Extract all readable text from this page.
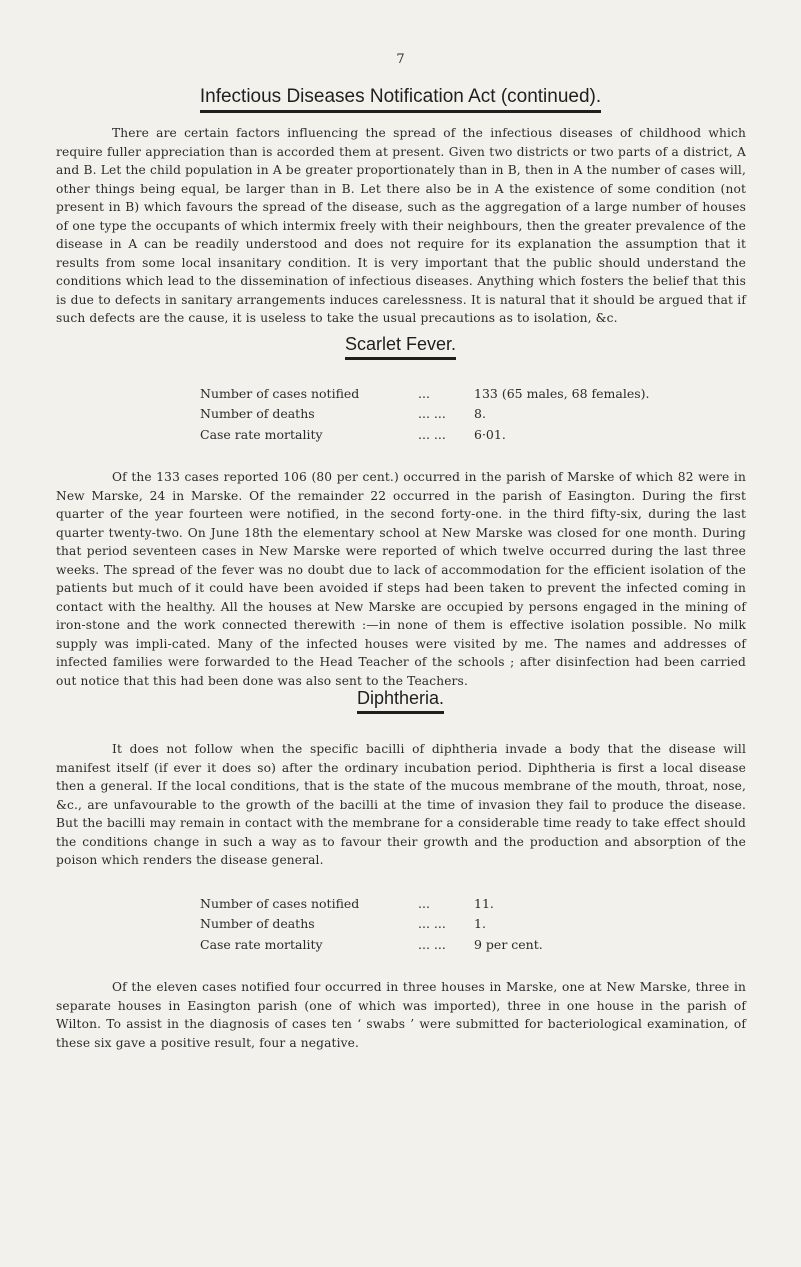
7
Infectious Diseases Notification Act (continued).

There are certain factors influencing the spread of the infectious diseases of childhood which require fuller appreciation than is accorded them at present. Given two districts or two parts of a district, A and B. Let the child population in A be greater proportionately than in B, then in A the number of cases will, other things being equal, be larger than in B. Let there also be in A the existence of some condition (not present in B) which favours the spread of the disease, such as the aggregation of a large number of houses of one type the occupants of which intermix freely with their neighbours, then the greater prevalence of the disease in A can be readily understood and does not require for its explanation the assumption that it results from some local insanitary condition. It is very important that the public should understand the conditions which lead to the dissemination of infectious diseases. Anything which fosters the belief that this is due to defects in sanitary arrangements induces carelessness. It is natural that it should be argued that if such defects are the cause, it is useless to take the usual precautions as to isolation, &c.

Scarlet Fever.
Number of cases notified	...	133 (65 males, 68 females).
Number of deaths	... ...	8.
Case rate mortality	... ...	6·01.

Of the 133 cases reported 106 (80 per cent.) occurred in the parish of Marske of which 82 were in New Marske, 24 in Marske. Of the remainder 22 occurred in the parish of Easington. During the first quarter of the year fourteen were notified, in the second forty-one. in the third fifty-six, during the last quarter twenty-two. On June 18th the elementary school at New Marske was closed for one month. During that period seventeen cases in New Marske were reported of which twelve occurred during the last three weeks. The spread of the fever was no doubt due to lack of accommodation for the efficient isolation of the patients but much of it could have been avoided if steps had been taken to prevent the infected coming in contact with the healthy. All the houses at New Marske are occupied by persons engaged in the mining of iron-stone and the work connected therewith :—in none of them is effective isolation possible. No milk supply was impli-cated. Many of the infected houses were visited by me. The names and addresses of infected families were forwarded to the Head Teacher of the schools ; after disinfection had been carried out notice that this had been done was also sent to the Teachers.

Diphtheria.

It does not follow when the specific bacilli of diphtheria invade a body that the disease will manifest itself (if ever it does so) after the ordinary incubation period. Diphtheria is first a local disease then a general. If the local conditions, that is the state of the mucous membrane of the mouth, throat, nose, &c., are unfavourable to the growth of the bacilli at the time of invasion they fail to produce the disease. But the bacilli may remain in contact with the membrane for a considerable time ready to take effect should the conditions change in such a way as to favour their growth and the production and absorption of the poison which renders the disease general.

Number of cases notified	...	11.
Number of deaths	... ...	1.
Case rate mortality	... ...	9 per cent.

Of the eleven cases notified four occurred in three houses in Marske, one at New Marske, three in separate houses in Easington parish (one of which was imported), three in one house in the parish of Wilton. To assist in the diagnosis of cases ten ‘ swabs ’ were submitted for bacteriological examination, of these six gave a positive result, four a negative.
